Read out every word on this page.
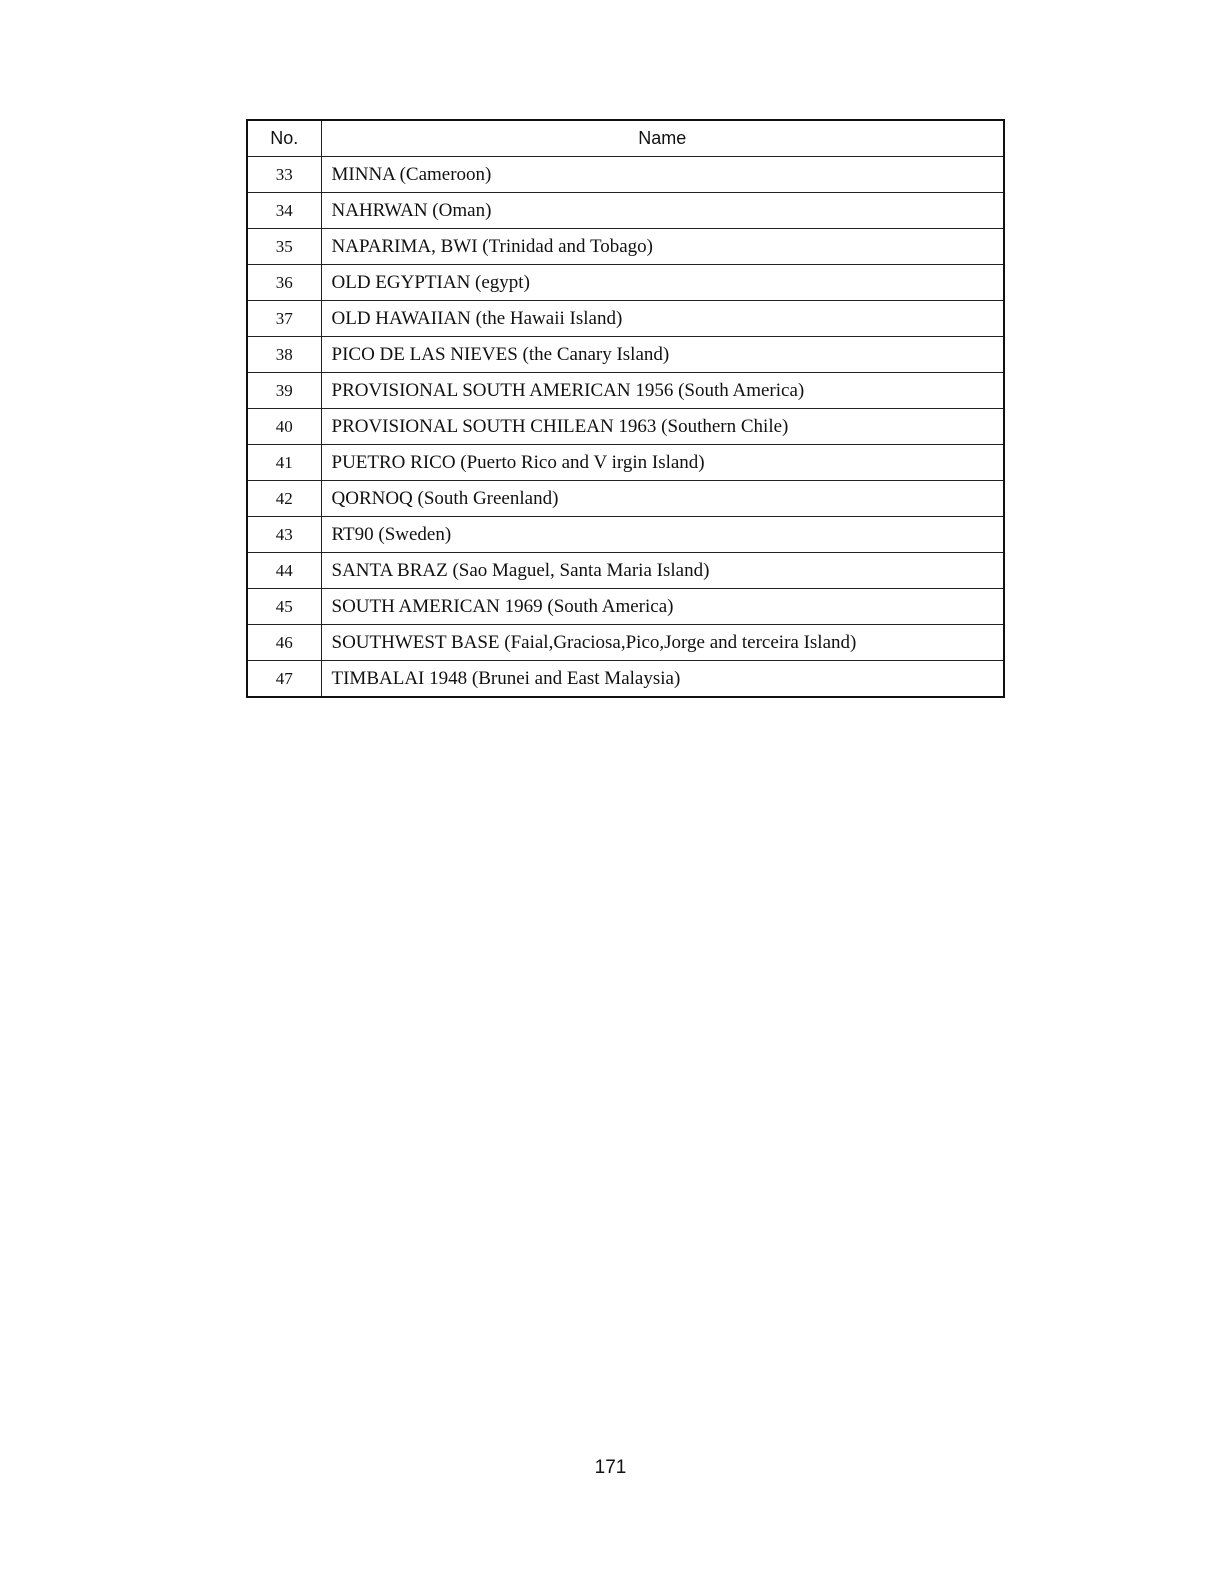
No.	Name
33	MINNA (Cameroon)
34	NAHRWAN (Oman)
35	NAPARIMA, BWI (Trinidad and Tobago)
36	OLD EGYPTIAN (egypt)
37	OLD HAWAIIAN (the Hawaii Island)
38	PICO DE LAS NIEVES (the Canary Island)
39	PROVISIONAL SOUTH AMERICAN 1956 (South America)
40	PROVISIONAL SOUTH CHILEAN 1963 (Southern Chile)
41	PUETRO RICO (Puerto Rico and V irgin Island)
42	QORNOQ (South Greenland)
43	RT90 (Sweden)
44	SANTA BRAZ (Sao Maguel, Santa Maria Island)
45	SOUTH AMERICAN 1969 (South America)
46	SOUTHWEST BASE (Faial,Graciosa,Pico,Jorge and terceira Island)
47	TIMBALAI 1948 (Brunei and East Malaysia)
171
